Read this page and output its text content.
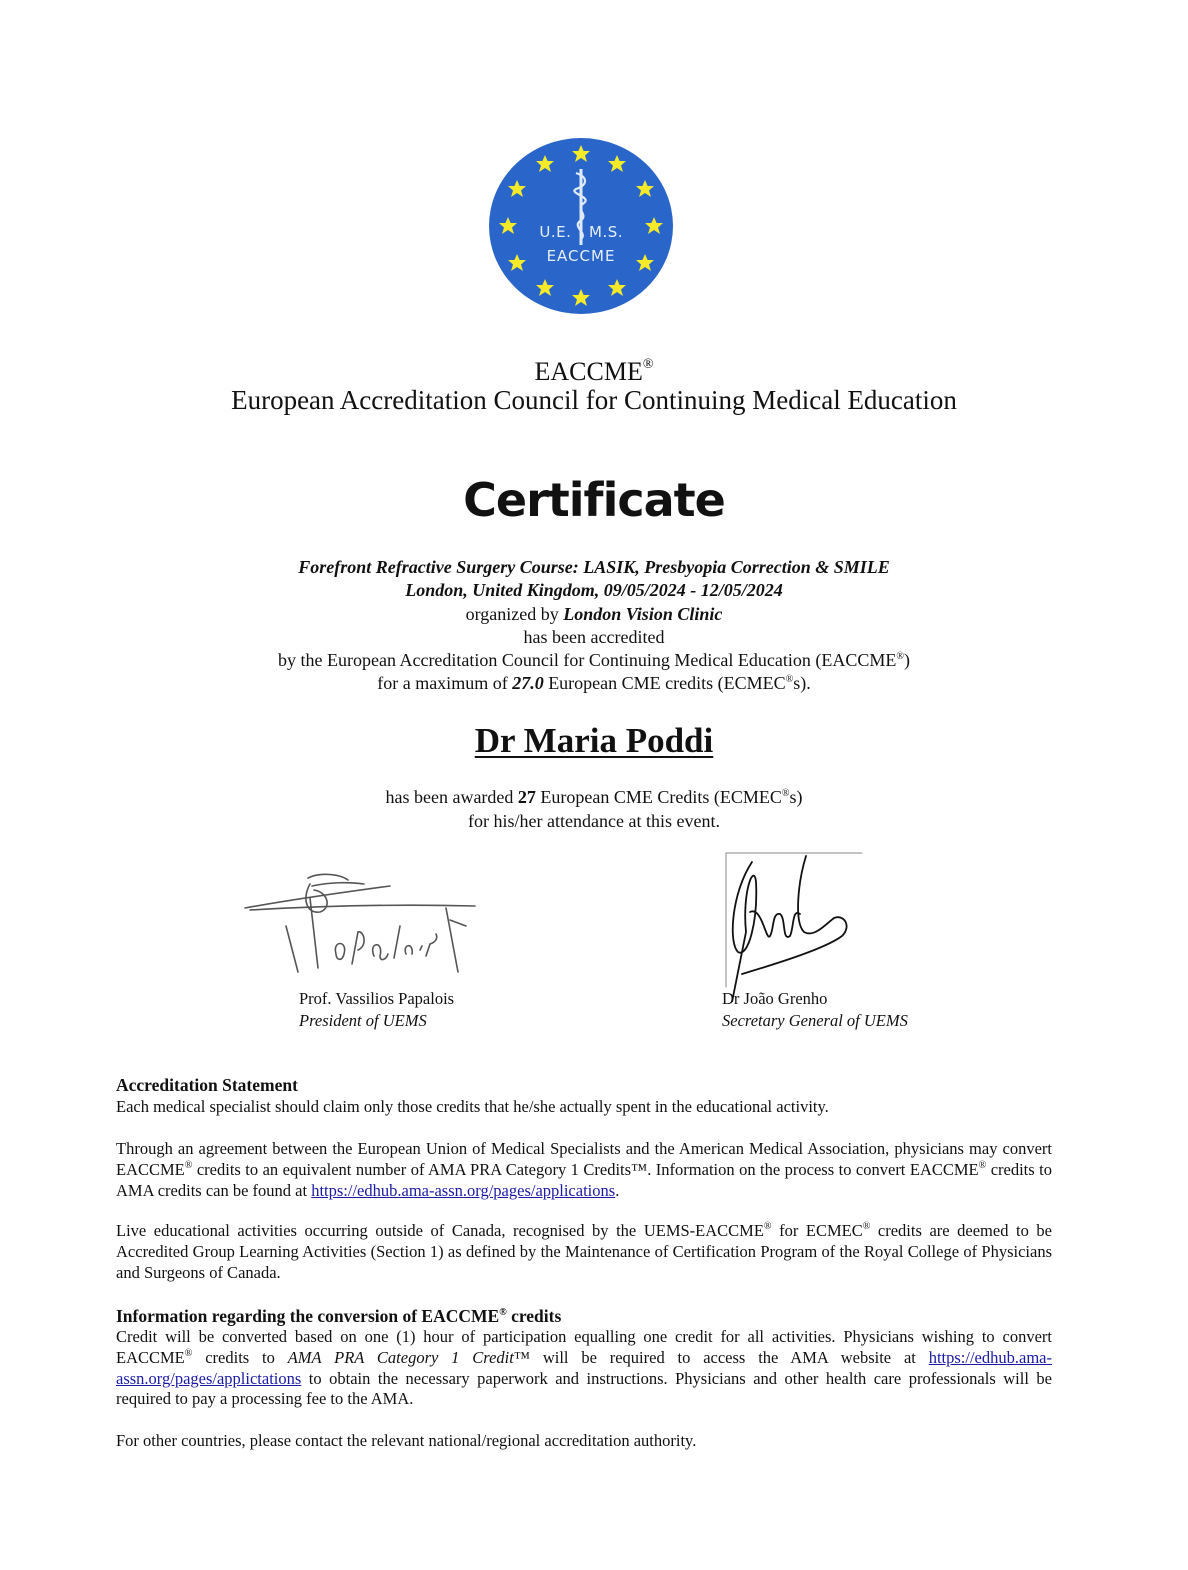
U.E. M.S.
EACCME
EACCME®
European Accreditation Council for Continuing Medical Education
Certificate
Forefront Refractive Surgery Course: LASIK, Presbyopia Correction & SMILE
London, United Kingdom, 09/05/2024 - 12/05/2024
organized by London Vision Clinic
has been accredited
by the European Accreditation Council for Continuing Medical Education (EACCME®)
for a maximum of 27.0 European CME credits (ECMEC®s).
Dr Maria Poddi
has been awarded 27 European CME Credits (ECMEC®s)
for his/her attendance at this event.
Prof. Vassilios Papalois
President of UEMS
Dr João Grenho
Secretary General of UEMS
Accreditation Statement
Each medical specialist should claim only those credits that he/she actually spent in the educational activity.
Through an agreement between the European Union of Medical Specialists and the American Medical Association, physicians may convert EACCME® credits to an equivalent number of AMA PRA Category 1 Credits™. Information on the process to convert EACCME® credits to AMA credits can be found at https://edhub.ama-assn.org/pages/applications.
Live educational activities occurring outside of Canada, recognised by the UEMS-EACCME® for ECMEC® credits are deemed to be Accredited Group Learning Activities (Section 1) as defined by the Maintenance of Certification Program of the Royal College of Physicians and Surgeons of Canada.
Information regarding the conversion of EACCME® credits
Credit will be converted based on one (1) hour of participation equalling one credit for all activities. Physicians wishing to convert EACCME® credits to AMA PRA Category 1 Credit™ will be required to access the AMA website at https://edhub.ama-assn.org/pages/applictations to obtain the necessary paperwork and instructions. Physicians and other health care professionals will be required to pay a processing fee to the AMA.
For other countries, please contact the relevant national/regional accreditation authority.
